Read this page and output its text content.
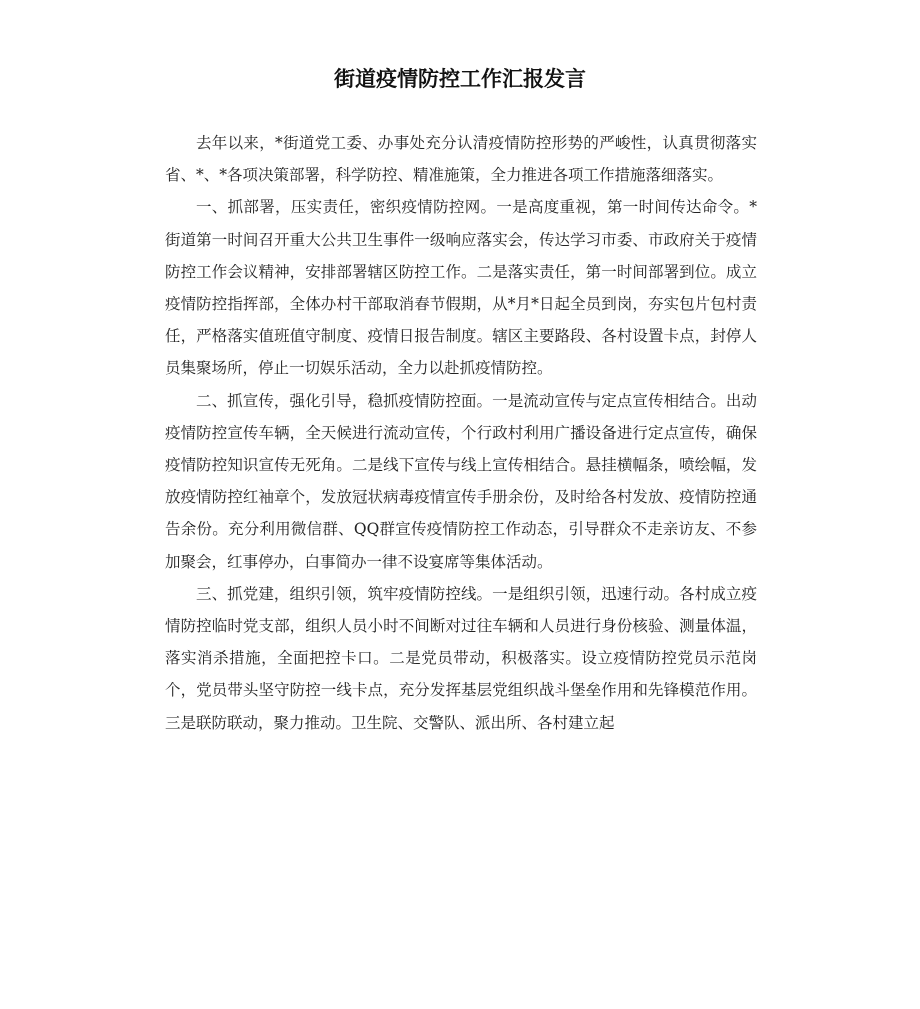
街道疫情防控工作汇报发言

去年以来，*街道党工委、办事处充分认清疫情防控形势的严峻性，认真贯彻落实省、*、*各项决策部署，科学防控、精准施策，全力推进各项工作措施落细落实。

一、抓部署，压实责任，密织疫情防控网。一是高度重视，第一时间传达命令。*街道第一时间召开重大公共卫生事件一级响应落实会，传达学习市委、市政府关于疫情防控工作会议精神，安排部署辖区防控工作。二是落实责任，第一时间部署到位。成立疫情防控指挥部，全体办村干部取消春节假期，从*月*日起全员到岗，夯实包片包村责任，严格落实值班值守制度、疫情日报告制度。辖区主要路段、各村设置卡点，封停人员集聚场所，停止一切娱乐活动，全力以赴抓疫情防控。

二、抓宣传，强化引导，稳抓疫情防控面。一是流动宣传与定点宣传相结合。出动疫情防控宣传车辆，全天候进行流动宣传，个行政村利用广播设备进行定点宣传，确保疫情防控知识宣传无死角。二是线下宣传与线上宣传相结合。悬挂横幅条，喷绘幅，发放疫情防控红袖章个，发放冠状病毒疫情宣传手册余份，及时给各村发放、疫情防控通告余份。充分利用微信群、QQ群宣传疫情防控工作动态，引导群众不走亲访友、不参加聚会，红事停办，白事简办一律不设宴席等集体活动。

三、抓党建，组织引领，筑牢疫情防控线。一是组织引领，迅速行动。各村成立疫情防控临时党支部，组织人员小时不间断对过往车辆和人员进行身份核验、测量体温，落实消杀措施，全面把控卡口。二是党员带动，积极落实。设立疫情防控党员示范岗个，党员带头坚守防控一线卡点，充分发挥基层党组织战斗堡垒作用和先锋模范作用。三是联防联动，聚力推动。卫生院、交警队、派出所、各村建立起
